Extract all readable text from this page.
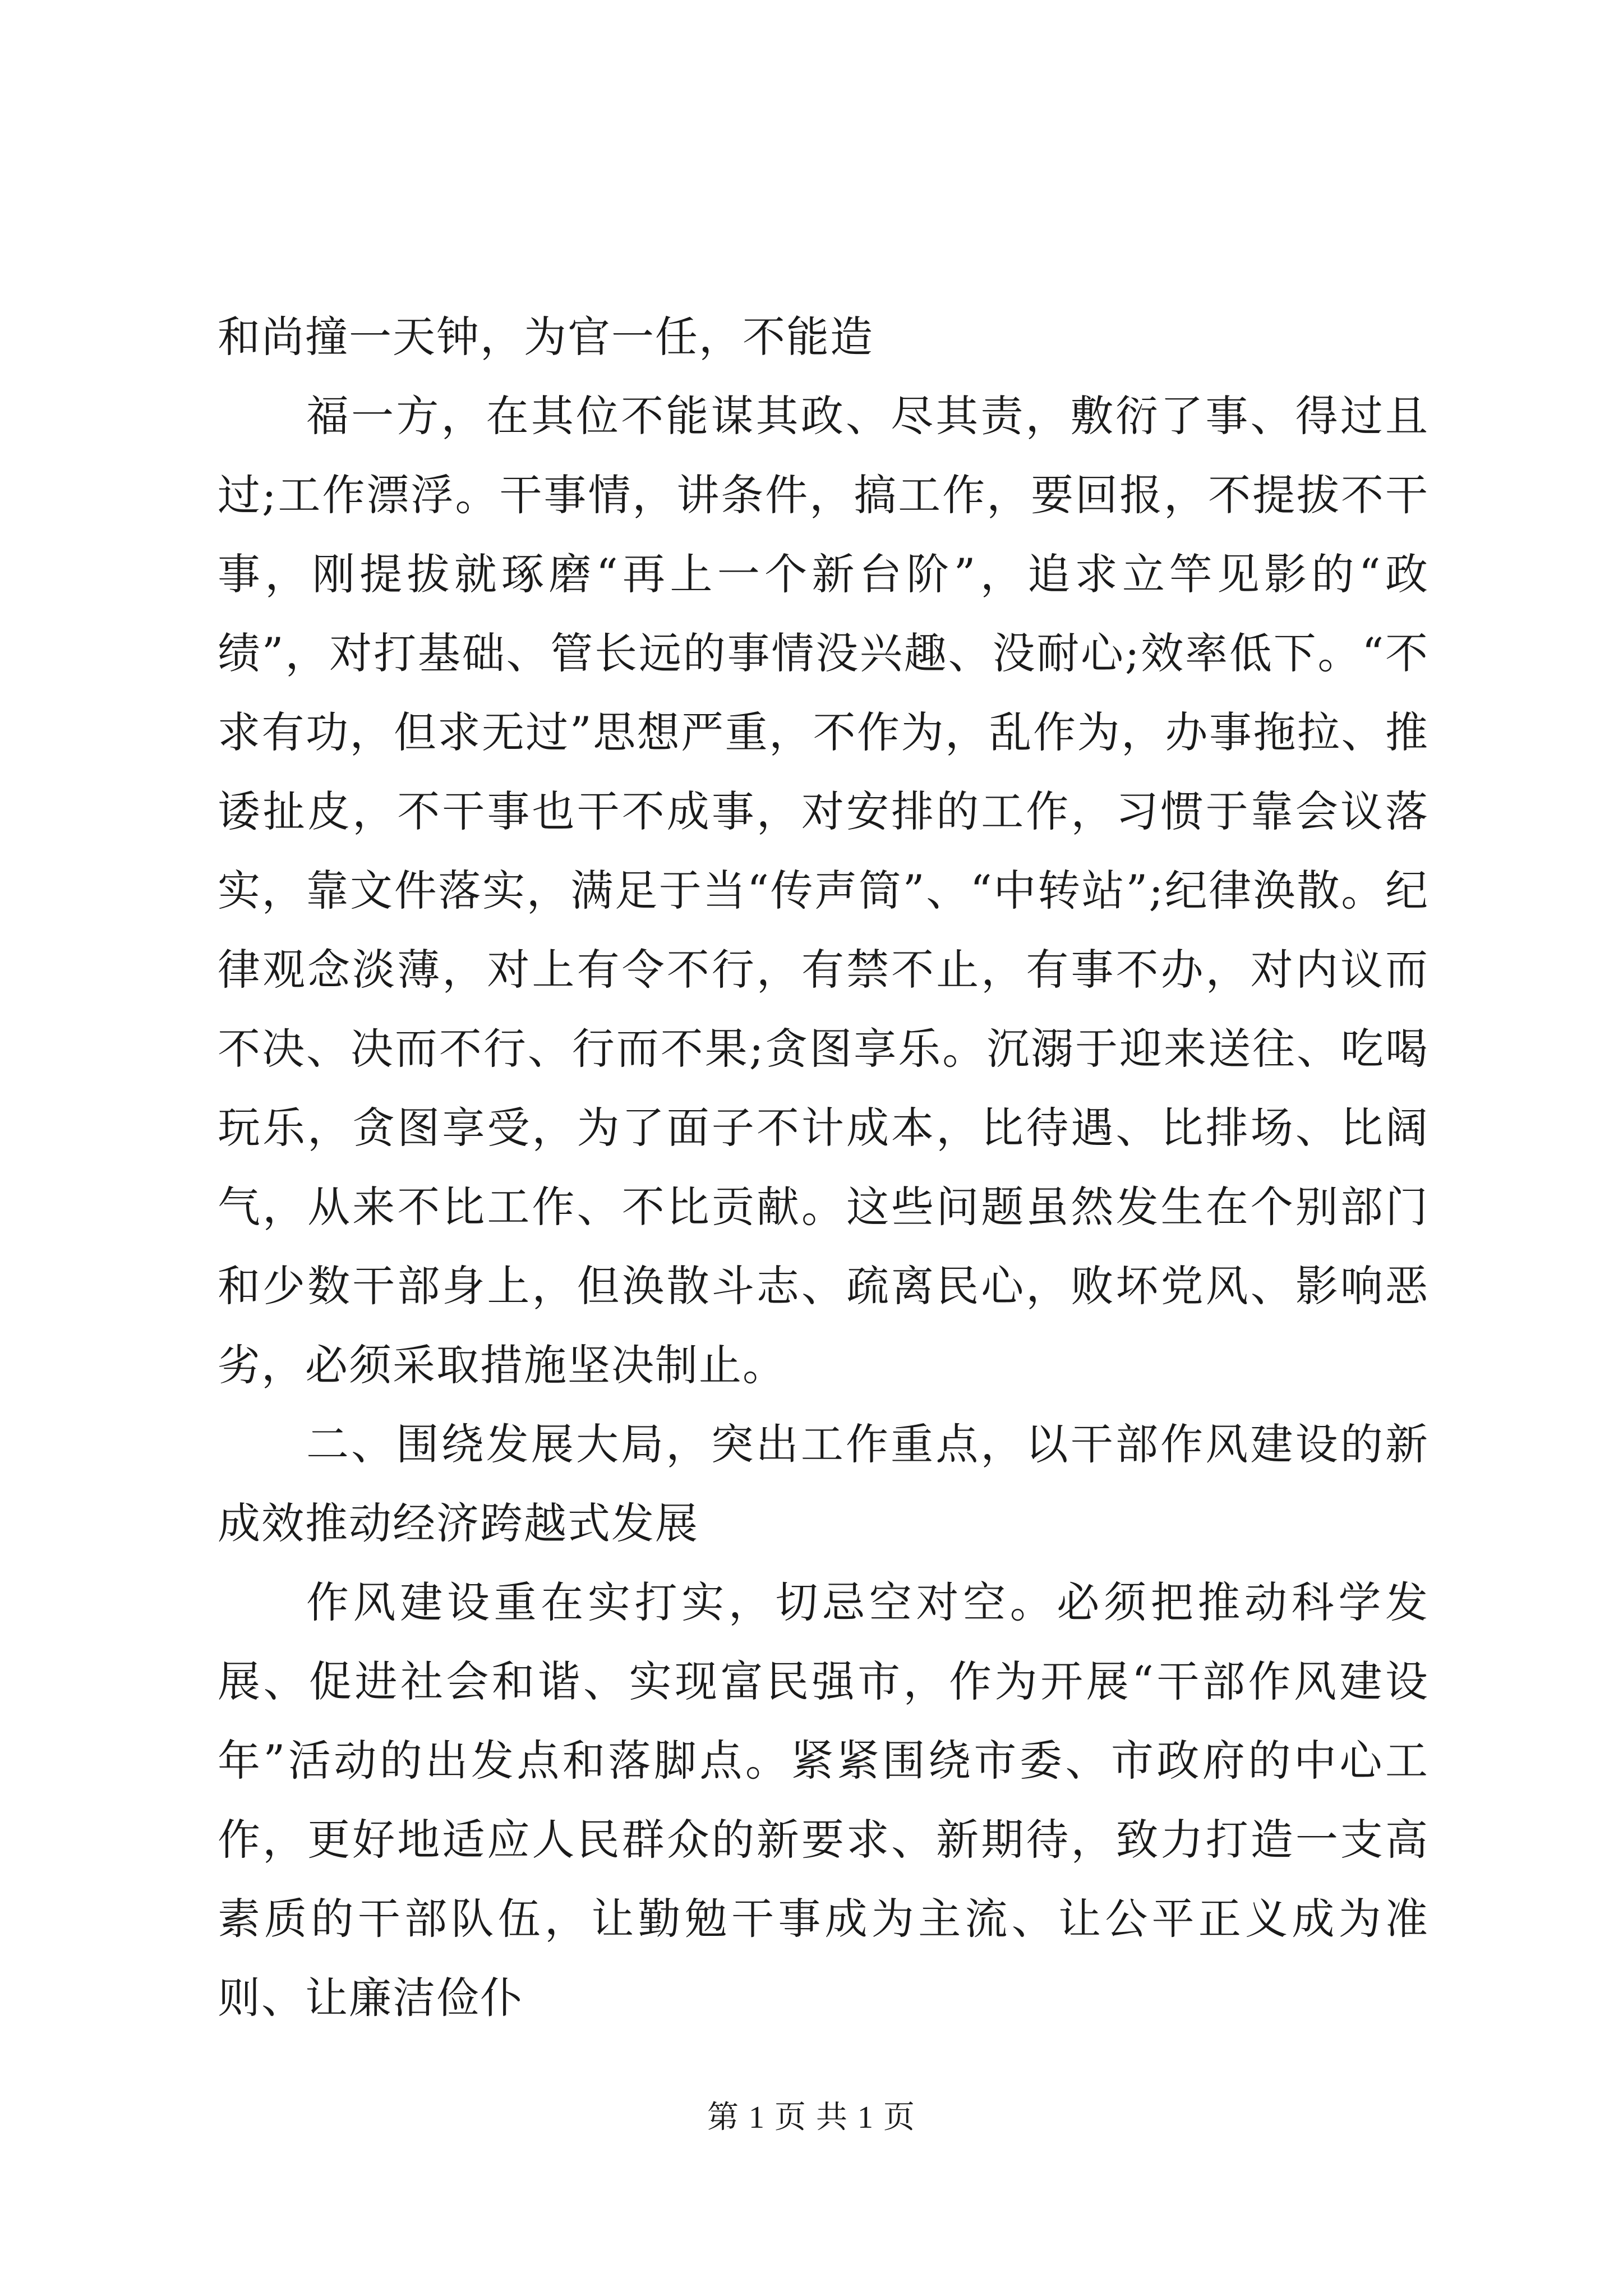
和尚撞一天钟，为官一任，不能造

福一方，在其位不能谋其政、尽其责，敷衍了事、得过且过;工作漂浮。干事情，讲条件，搞工作，要回报，不提拔不干事，刚提拔就琢磨“再上一个新台阶”，追求立竿见影的“政绩”，对打基础、管长远的事情没兴趣、没耐心;效率低下。“不求有功，但求无过”思想严重，不作为，乱作为，办事拖拉、推诿扯皮，不干事也干不成事，对安排的工作，习惯于靠会议落实，靠文件落实，满足于当“传声筒”、“中转站”;纪律涣散。纪律观念淡薄，对上有令不行，有禁不止，有事不办，对内议而不决、决而不行、行而不果;贪图享乐。沉溺于迎来送往、吃喝玩乐，贪图享受，为了面子不计成本，比待遇、比排场、比阔气，从来不比工作、不比贡献。这些问题虽然发生在个别部门和少数干部身上，但涣散斗志、疏离民心，败坏党风、影响恶劣，必须采取措施坚决制止。

二、围绕发展大局，突出工作重点，以干部作风建设的新成效推动经济跨越式发展

作风建设重在实打实，切忌空对空。必须把推动科学发展、促进社会和谐、实现富民强市，作为开展“干部作风建设年”活动的出发点和落脚点。紧紧围绕市委、市政府的中心工作，更好地适应人民群众的新要求、新期待，致力打造一支高素质的干部队伍，让勤勉干事成为主流、让公平正义成为准则、让廉洁俭仆

第 1 页 共 1 页
